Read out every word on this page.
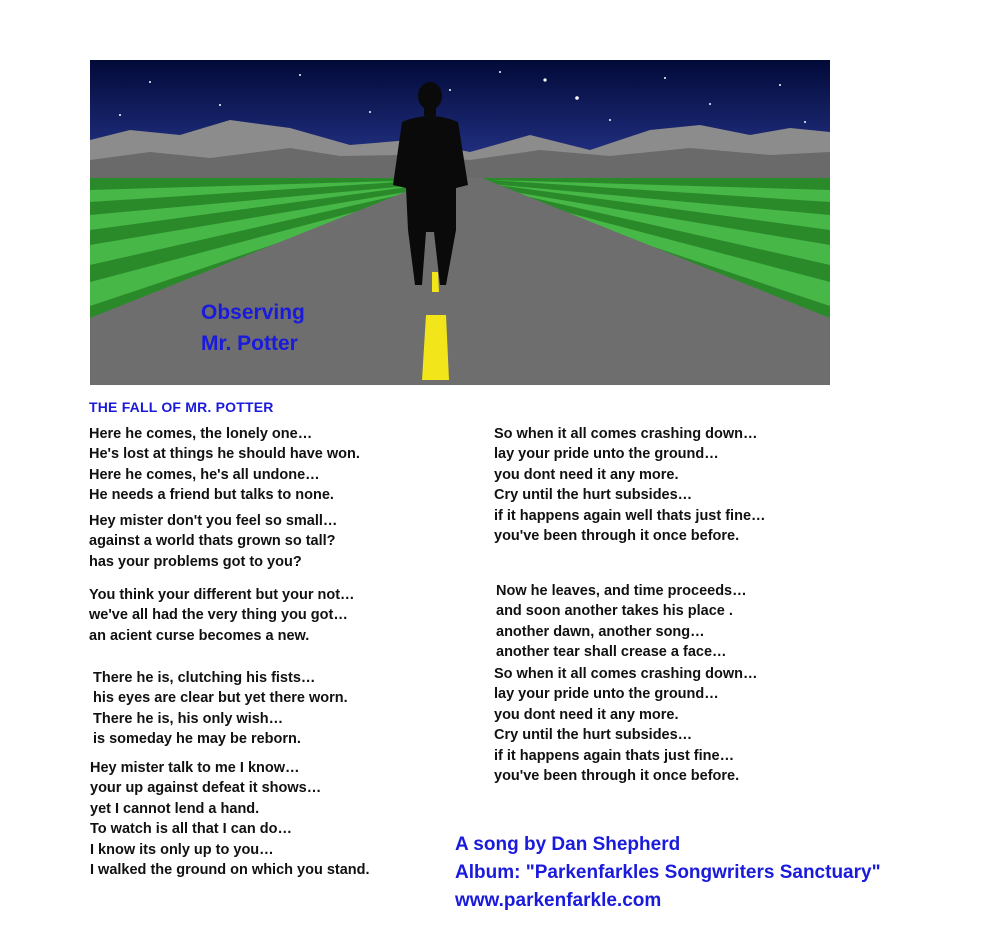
Observing
Mr. Potter
THE FALL OF MR. POTTER
Here he comes, the lonely one…
He's lost at things he should have won.
Here he comes, he's all undone…
He needs a friend but talks to none.
Hey mister don't you feel so small…
against a world thats grown so tall?
has your problems got to you?
You think your different but your not…
we've all had the very thing you got…
an acient curse becomes a new.
There he is, clutching his fists…
his eyes are clear but yet there worn.
There he is, his only wish…
is someday he may be reborn.
Hey mister talk to me I know…
your up against defeat it shows…
yet I cannot lend a hand.
To watch is all that I can do…
I know its only up to you…
I walked the ground on which you stand.
So when it all comes crashing down…
lay your pride unto the ground…
you dont need it any more.
Cry until the hurt subsides…
if it happens again well thats just fine…
you've been through it once before.
Now he leaves, and time proceeds…
and soon another takes his place .
another dawn, another song…
another tear shall crease a face…
So when it all comes crashing down…
lay your pride unto the ground…
you dont need it any more.
Cry until the hurt subsides…
if it happens again thats just fine…
you've been through it once before.
A song by Dan Shepherd
Album: "Parkenfarkles Songwriters Sanctuary"
www.parkenfarkle.com
